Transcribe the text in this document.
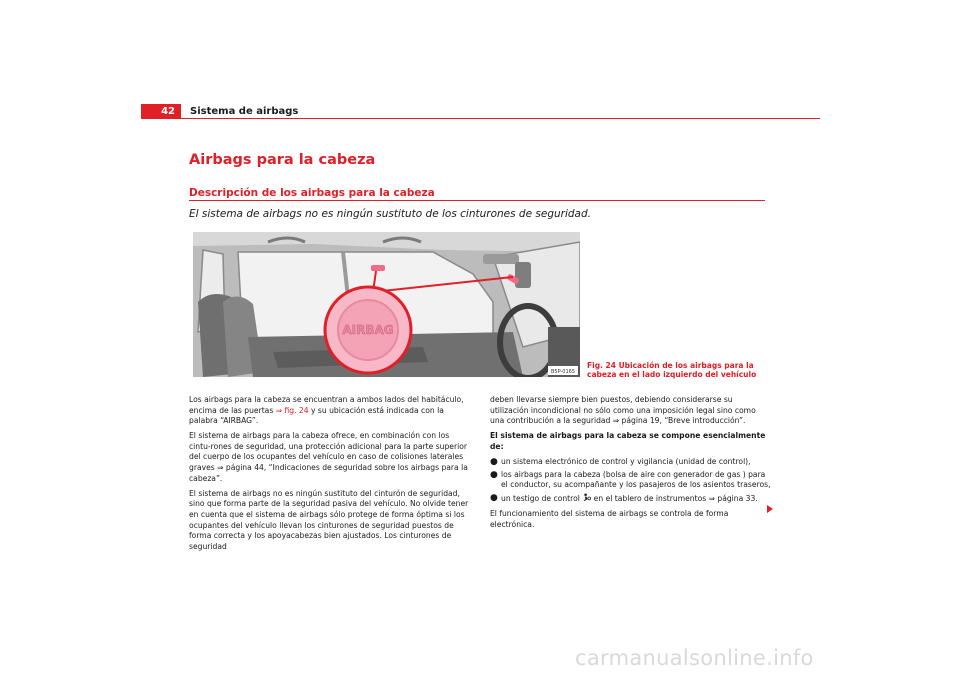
42	Sistema de airbags
Airbags para la cabeza
Descripción de los airbags para la cabeza

El sistema de airbags no es ningún sustituto de los cinturones de seguridad.

AIRBAG
B5P-0165
Fig. 24 Ubicación de los airbags para la cabeza en el lado izquierdo del vehículo

Los airbags para la cabeza se encuentran a ambos lados del habitáculo, encima de las puertas ⇒ fig. 24 y su ubicación está indicada con la palabra “AIRBAG”.

El sistema de airbags para la cabeza ofrece, en combinación con los cintu-rones de seguridad, una protección adicional para la parte superior del cuerpo de los ocupantes del vehículo en caso de colisiones laterales graves ⇒ página 44, “Indicaciones de seguridad sobre los airbags para la cabeza”.

El sistema de airbags no es ningún sustituto del cinturón de seguridad, sino que forma parte de la seguridad pasiva del vehículo. No olvide tener en cuenta que el sistema de airbags sólo protege de forma óptima si los ocupantes del vehículo llevan los cinturones de seguridad puestos de forma correcta y los apoyacabezas bien ajustados. Los cinturones de seguridad

deben llevarse siempre bien puestos, debiendo considerarse su utilización incondicional no sólo como una imposición legal sino como una contribución a la seguridad ⇒ página 19, “Breve introducción”.

El sistema de airbags para la cabeza se compone esencialmente de:

● un sistema electrónico de control y vigilancia (unidad de control),
● los airbags para la cabeza (bolsa de aire con generador de gas ) para el conductor, su acompañante y los pasajeros de los asientos traseros,
● un testigo de control  en el tablero de instrumentos ⇒ página 33.

El funcionamiento del sistema de airbags se controla de forma electrónica.

carmanualsonline.info
